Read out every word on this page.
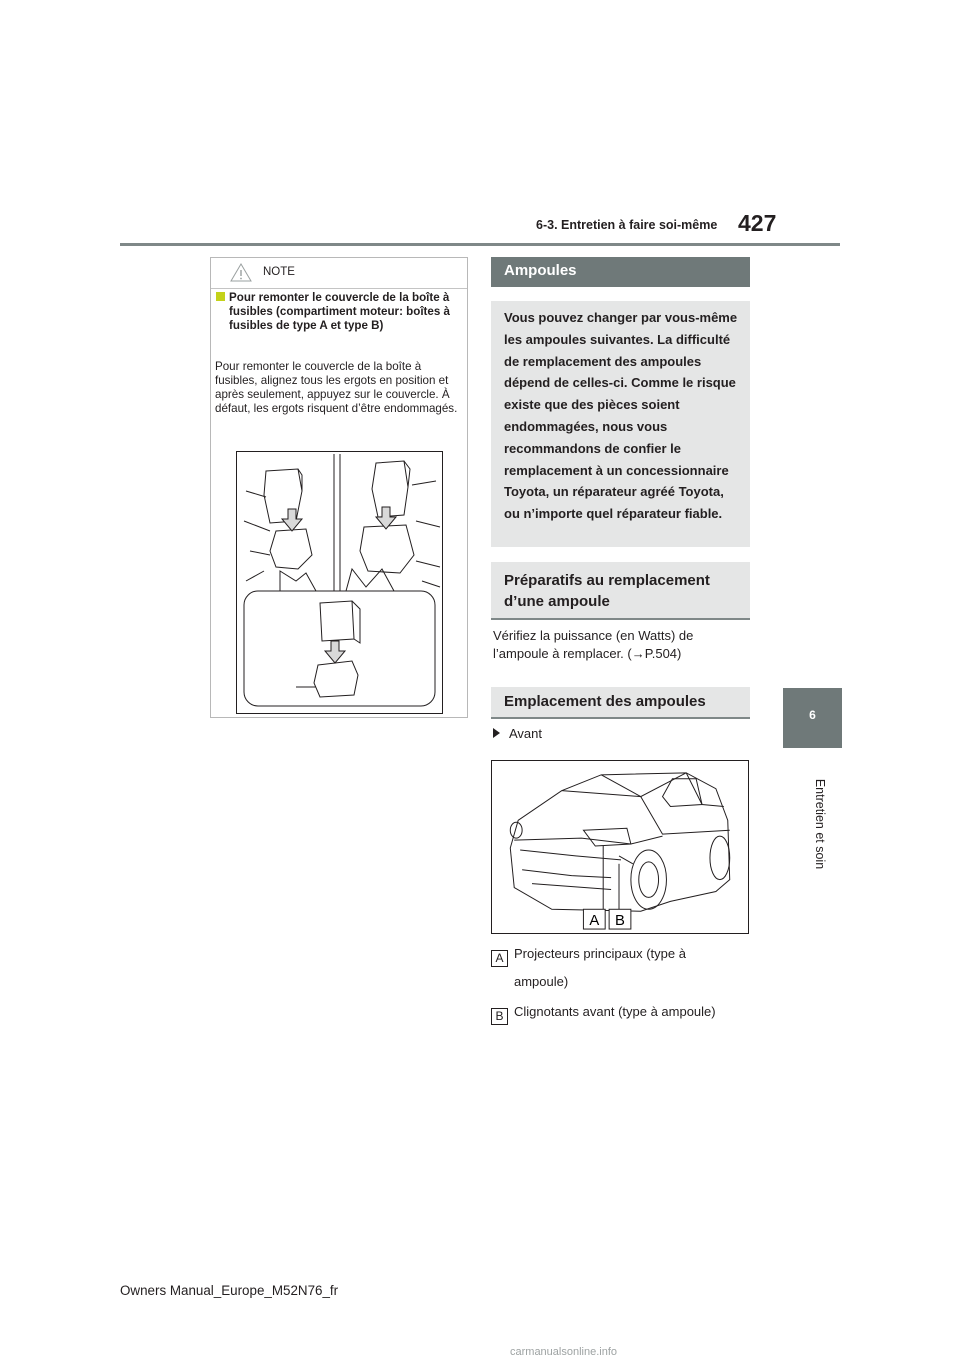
6-3. Entretien à faire soi-même 427
6
Entretien et soin
NOTE
Pour remonter le couvercle de la boîte à fusibles (compartiment moteur: boîtes à fusibles de type A et type B)
Pour remonter le couvercle de la boîte à fusibles, alignez tous les ergots en position et après seulement, appuyez sur le couvercle. À défaut, les ergots risquent d’être endommagés.
Ampoules
Vous pouvez changer par vous-même les ampoules suivantes. La difficulté de remplacement des ampoules dépend de celles-ci. Comme le risque existe que des pièces soient endommagées, nous vous recommandons de confier le remplacement à un concessionnaire Toyota, un réparateur agréé Toyota, ou n’importe quel réparateur fiable.
Préparatifs au remplacement d’une ampoule
Vérifiez la puissance (en Watts) de l’ampoule à remplacer. (→P.504)
Emplacement des ampoules
Avant
A B
A Projecteurs principaux (type à ampoule)
B Clignotants avant (type à ampoule)
Owners Manual_Europe_M52N76_fr
carmanualsonline.info
